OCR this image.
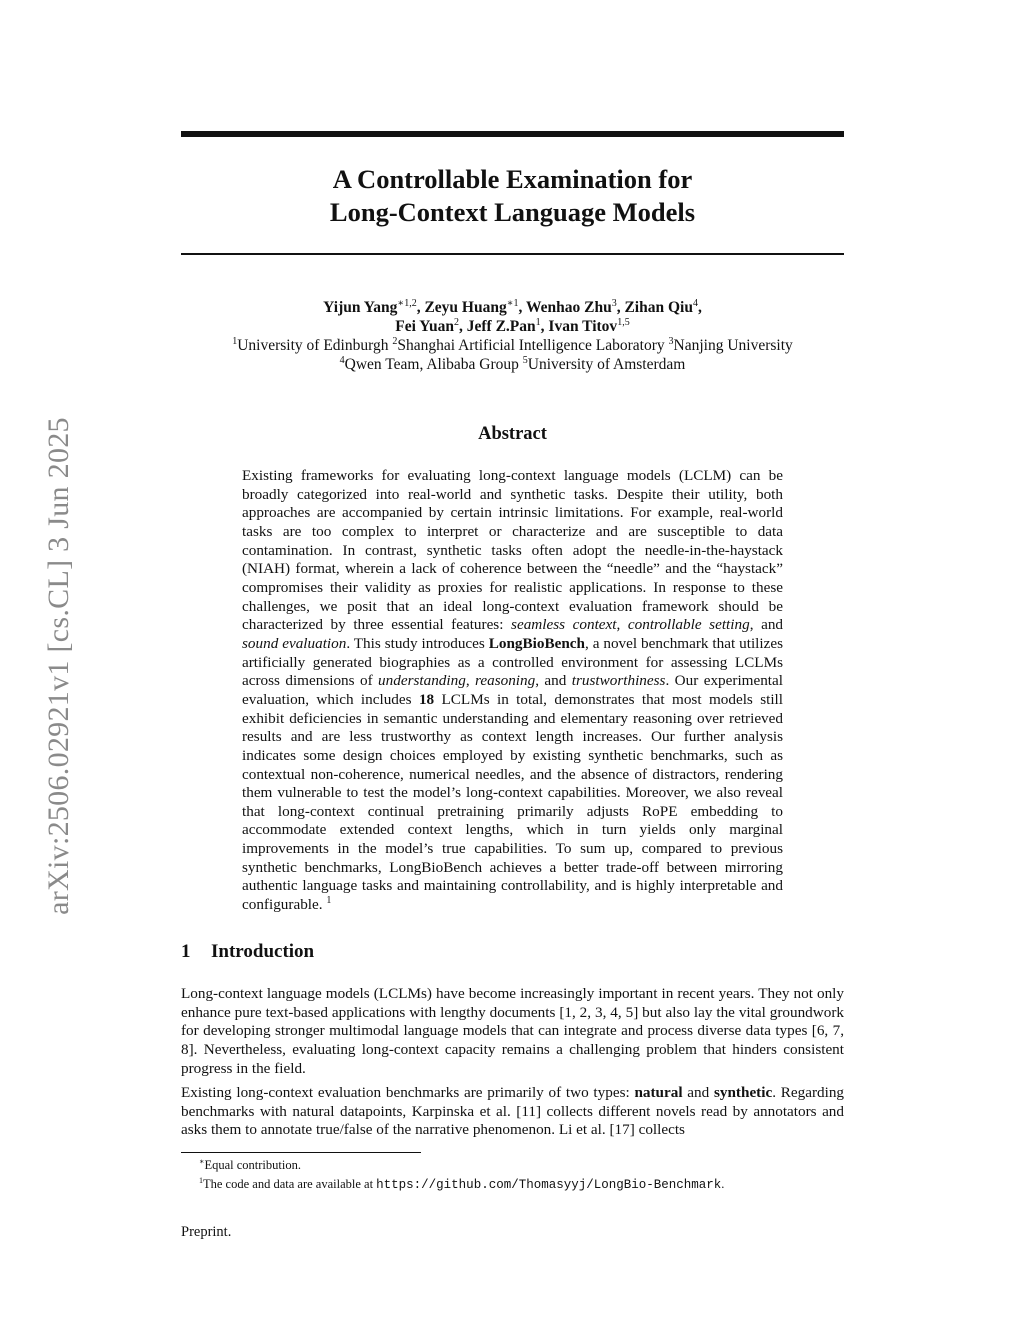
arXiv:2506.02921v1 [cs.CL] 3 Jun 2025
A Controllable Examination for
Long-Context Language Models
Yijun Yang$^{∗1,2}$, Zeyu Huang$^{∗1}$, Wenhao Zhu$^3$, Zihan Qiu$^4$,
Fei Yuan$^2$, Jeff Z.Pan$^1$, Ivan Titov$^{1,5}$
$^1$University of Edinburgh $^2$Shanghai Artificial Intelligence Laboratory $^3$Nanjing University
$^4$Qwen Team, Alibaba Group $^5$University of Amsterdam
Abstract
Existing frameworks for evaluating long-context language models (LCLM) can be broadly categorized into real-world and synthetic tasks. Despite their utility, both approaches are accompanied by certain intrinsic limitations. For example, real-world tasks are too complex to interpret or characterize and are susceptible to data contamination. In contrast, synthetic tasks often adopt the needle-in-the-haystack (NIAH) format, wherein a lack of coherence between the “needle” and the “haystack” compromises their validity as proxies for realistic applications. In response to these challenges, we posit that an ideal long-context evaluation framework should be characterized by three essential features: seamless context, controllable setting, and sound evaluation. This study introduces LongBioBench, a novel benchmark that utilizes artificially generated biographies as a controlled environment for assessing LCLMs across dimensions of understanding, reasoning, and trustworthiness. Our experimental evaluation, which includes 18 LCLMs in total, demonstrates that most models still exhibit deficiencies in semantic understanding and elementary reasoning over retrieved results and are less trustworthy as context length increases. Our further analysis indicates some design choices employed by existing synthetic benchmarks, such as contextual non-coherence, numerical needles, and the absence of distractors, rendering them vulnerable to test the model’s long-context capabilities. Moreover, we also reveal that long-context continual pretraining primarily adjusts RoPE embedding to accommodate extended context lengths, which in turn yields only marginal improvements in the model’s true capabilities. To sum up, compared to previous synthetic benchmarks, LongBioBench achieves a better trade-off between mirroring authentic language tasks and maintaining controllability, and is highly interpretable and configurable. $^1$
1 Introduction

Long-context language models (LCLMs) have become increasingly important in recent years. They not only enhance pure text-based applications with lengthy documents [1, 2, 3, 4, 5] but also lay the vital groundwork for developing stronger multimodal language models that can integrate and process diverse data types [6, 7, 8]. Nevertheless, evaluating long-context capacity remains a challenging problem that hinders consistent progress in the field.

Existing long-context evaluation benchmarks are primarily of two types: natural and synthetic. Regarding benchmarks with natural datapoints, Karpinska et al. [11] collects different novels read by annotators and asks them to annotate true/false of the narrative phenomenon. Li et al. [17] collects

∗Equal contribution.
$^1$The code and data are available at https://github.com/Thomasyyj/LongBio-Benchmark.
Preprint.
